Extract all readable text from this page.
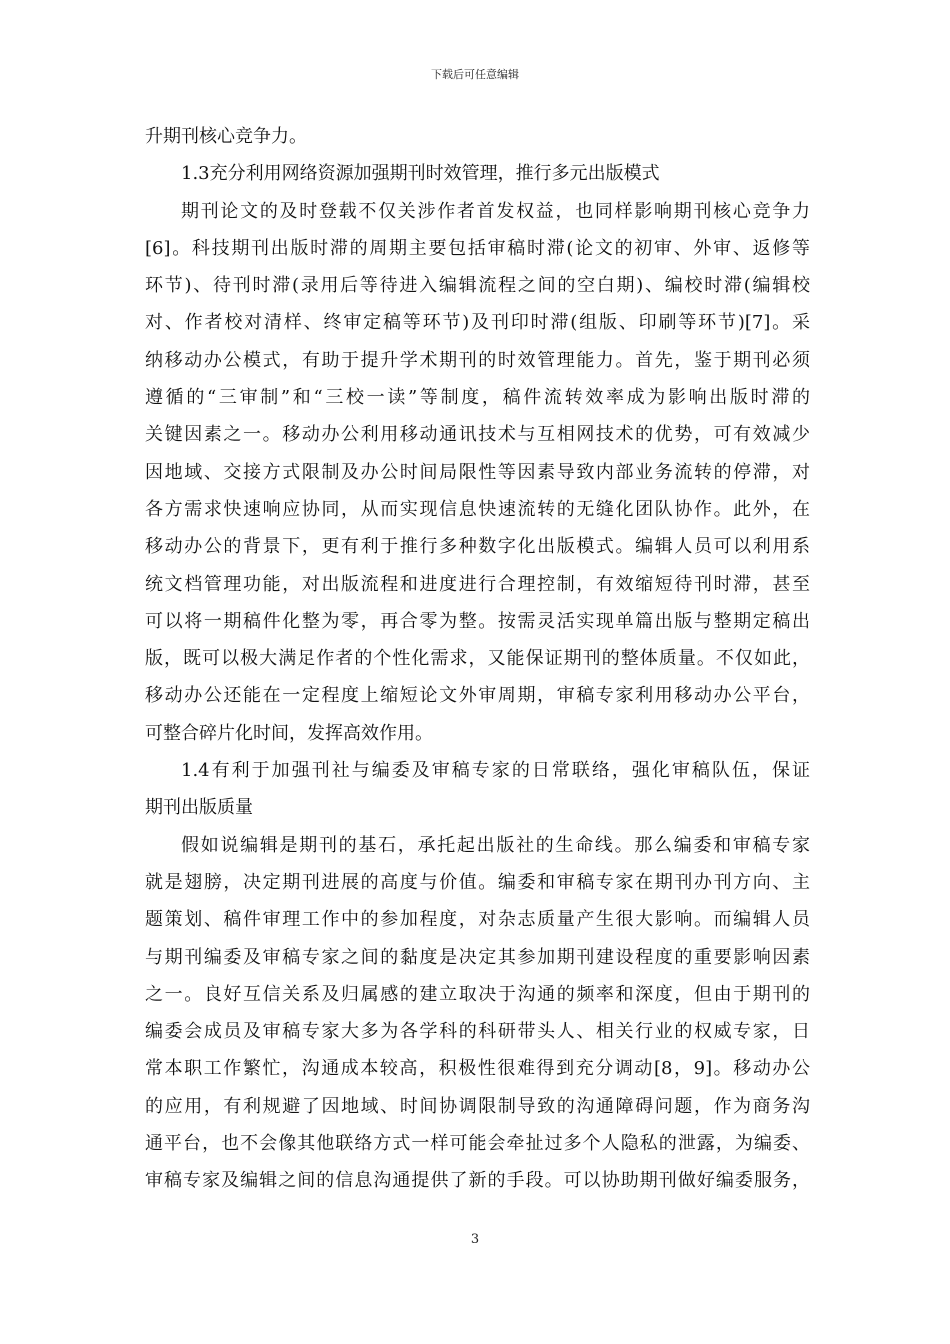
下载后可任意编辑
升期刊核心竞争力。
1.3充分利用网络资源加强期刊时效管理，推行多元出版模式
期刊论文的及时登载不仅关涉作者首发权益，也同样影响期刊核心竞争力
[6]。科技期刊出版时滞的周期主要包括审稿时滞(论文的初审、外审、返修等
环节)、待刊时滞(录用后等待进入编辑流程之间的空白期)、编校时滞(编辑校
对、作者校对清样、终审定稿等环节)及刊印时滞(组版、印刷等环节)[7]。采
纳移动办公模式，有助于提升学术期刊的时效管理能力。首先，鉴于期刊必须
遵循的“三审制”和“三校一读”等制度，稿件流转效率成为影响出版时滞的
关键因素之一。移动办公利用移动通讯技术与互相网技术的优势，可有效减少
因地域、交接方式限制及办公时间局限性等因素导致内部业务流转的停滞，对
各方需求快速响应协同，从而实现信息快速流转的无缝化团队协作。此外，在
移动办公的背景下，更有利于推行多种数字化出版模式。编辑人员可以利用系
统文档管理功能，对出版流程和进度进行合理控制，有效缩短待刊时滞，甚至
可以将一期稿件化整为零，再合零为整。按需灵活实现单篇出版与整期定稿出
版，既可以极大满足作者的个性化需求，又能保证期刊的整体质量。不仅如此，
移动办公还能在一定程度上缩短论文外审周期，审稿专家利用移动办公平台，
可整合碎片化时间，发挥高效作用。
1.4有利于加强刊社与编委及审稿专家的日常联络，强化审稿队伍，保证
期刊出版质量
假如说编辑是期刊的基石，承托起出版社的生命线。那么编委和审稿专家
就是翅膀，决定期刊进展的高度与价值。编委和审稿专家在期刊办刊方向、主
题策划、稿件审理工作中的参加程度，对杂志质量产生很大影响。而编辑人员
与期刊编委及审稿专家之间的黏度是决定其参加期刊建设程度的重要影响因素
之一。良好互信关系及归属感的建立取决于沟通的频率和深度，但由于期刊的
编委会成员及审稿专家大多为各学科的科研带头人、相关行业的权威专家，日
常本职工作繁忙，沟通成本较高，积极性很难得到充分调动[8，9]。移动办公
的应用，有利规避了因地域、时间协调限制导致的沟通障碍问题，作为商务沟
通平台，也不会像其他联络方式一样可能会牵扯过多个人隐私的泄露，为编委、
审稿专家及编辑之间的信息沟通提供了新的手段。可以协助期刊做好编委服务，
3
